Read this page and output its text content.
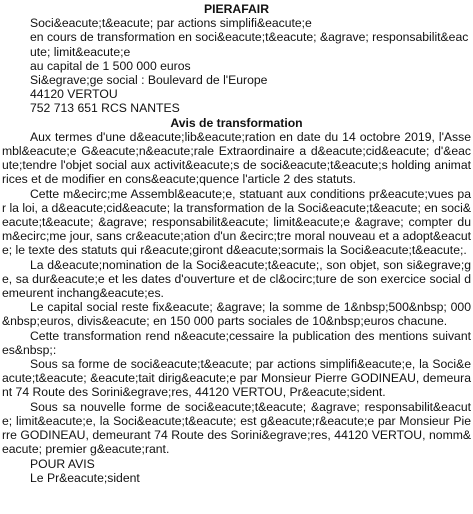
PIERAFAIR

Soci&eacute;t&eacute; par actions simplifi&eacute;e

en cours de transformation en soci&eacute;t&eacute; &agrave; responsabilit&eacute; limit&eacute;e

au capital de 1 500 000 euros

Si&egrave;ge social : Boulevard de l'Europe

44120 VERTOU

752 713 651 RCS NANTES

Avis de transformation

Aux termes d'une d&eacute;lib&eacute;ration en date du 14 octobre 2019, l'Assembl&eacute;e G&eacute;n&eacute;rale Extraordinaire a d&eacute;cid&eacute; d'&eacute;tendre l'objet social aux activit&eacute;s de soci&eacute;t&eacute;s holding animatrices et de modifier en cons&eacute;quence l'article 2 des statuts.

Cette m&ecirc;me Assembl&eacute;e, statuant aux conditions pr&eacute;vues par la loi, a d&eacute;cid&eacute; la transformation de la Soci&eacute;t&eacute; en soci&eacute;t&eacute; &agrave; responsabilit&eacute; limit&eacute;e &agrave; compter du m&ecirc;me jour, sans cr&eacute;ation d'un &ecirc;tre moral nouveau et a adopt&eacute; le texte des statuts qui r&eacute;giront d&eacute;sormais la Soci&eacute;t&eacute;.

La d&eacute;nomination de la Soci&eacute;t&eacute;, son objet, son si&egrave;ge, sa dur&eacute;e et les dates d'ouverture et de cl&ocirc;ture de son exercice social demeurent inchang&eacute;es.

Le capital social reste fix&eacute; &agrave; la somme de 1&nbsp;500&nbsp; 000&nbsp;euros, divis&eacute; en 150 000 parts sociales de 10&nbsp;euros chacune.

Cette transformation rend n&eacute;cessaire la publication des mentions suivantes&nbsp;:

Sous sa forme de soci&eacute;t&eacute; par actions simplifi&eacute;e, la Soci&eacute;t&eacute; &eacute;tait dirig&eacute;e par Monsieur Pierre GODINEAU, demeurant 74 Route des Sorini&egrave;res, 44120 VERTOU, Pr&eacute;sident.

Sous sa nouvelle forme de soci&eacute;t&eacute; &agrave; responsabilit&eacute; limit&eacute;e, la Soci&eacute;t&eacute; est g&eacute;r&eacute;e par Monsieur Pierre GODINEAU, demeurant 74 Route des Sorini&egrave;res, 44120 VERTOU, nomm&eacute; premier g&eacute;rant.

POUR AVIS

Le Pr&eacute;sident
